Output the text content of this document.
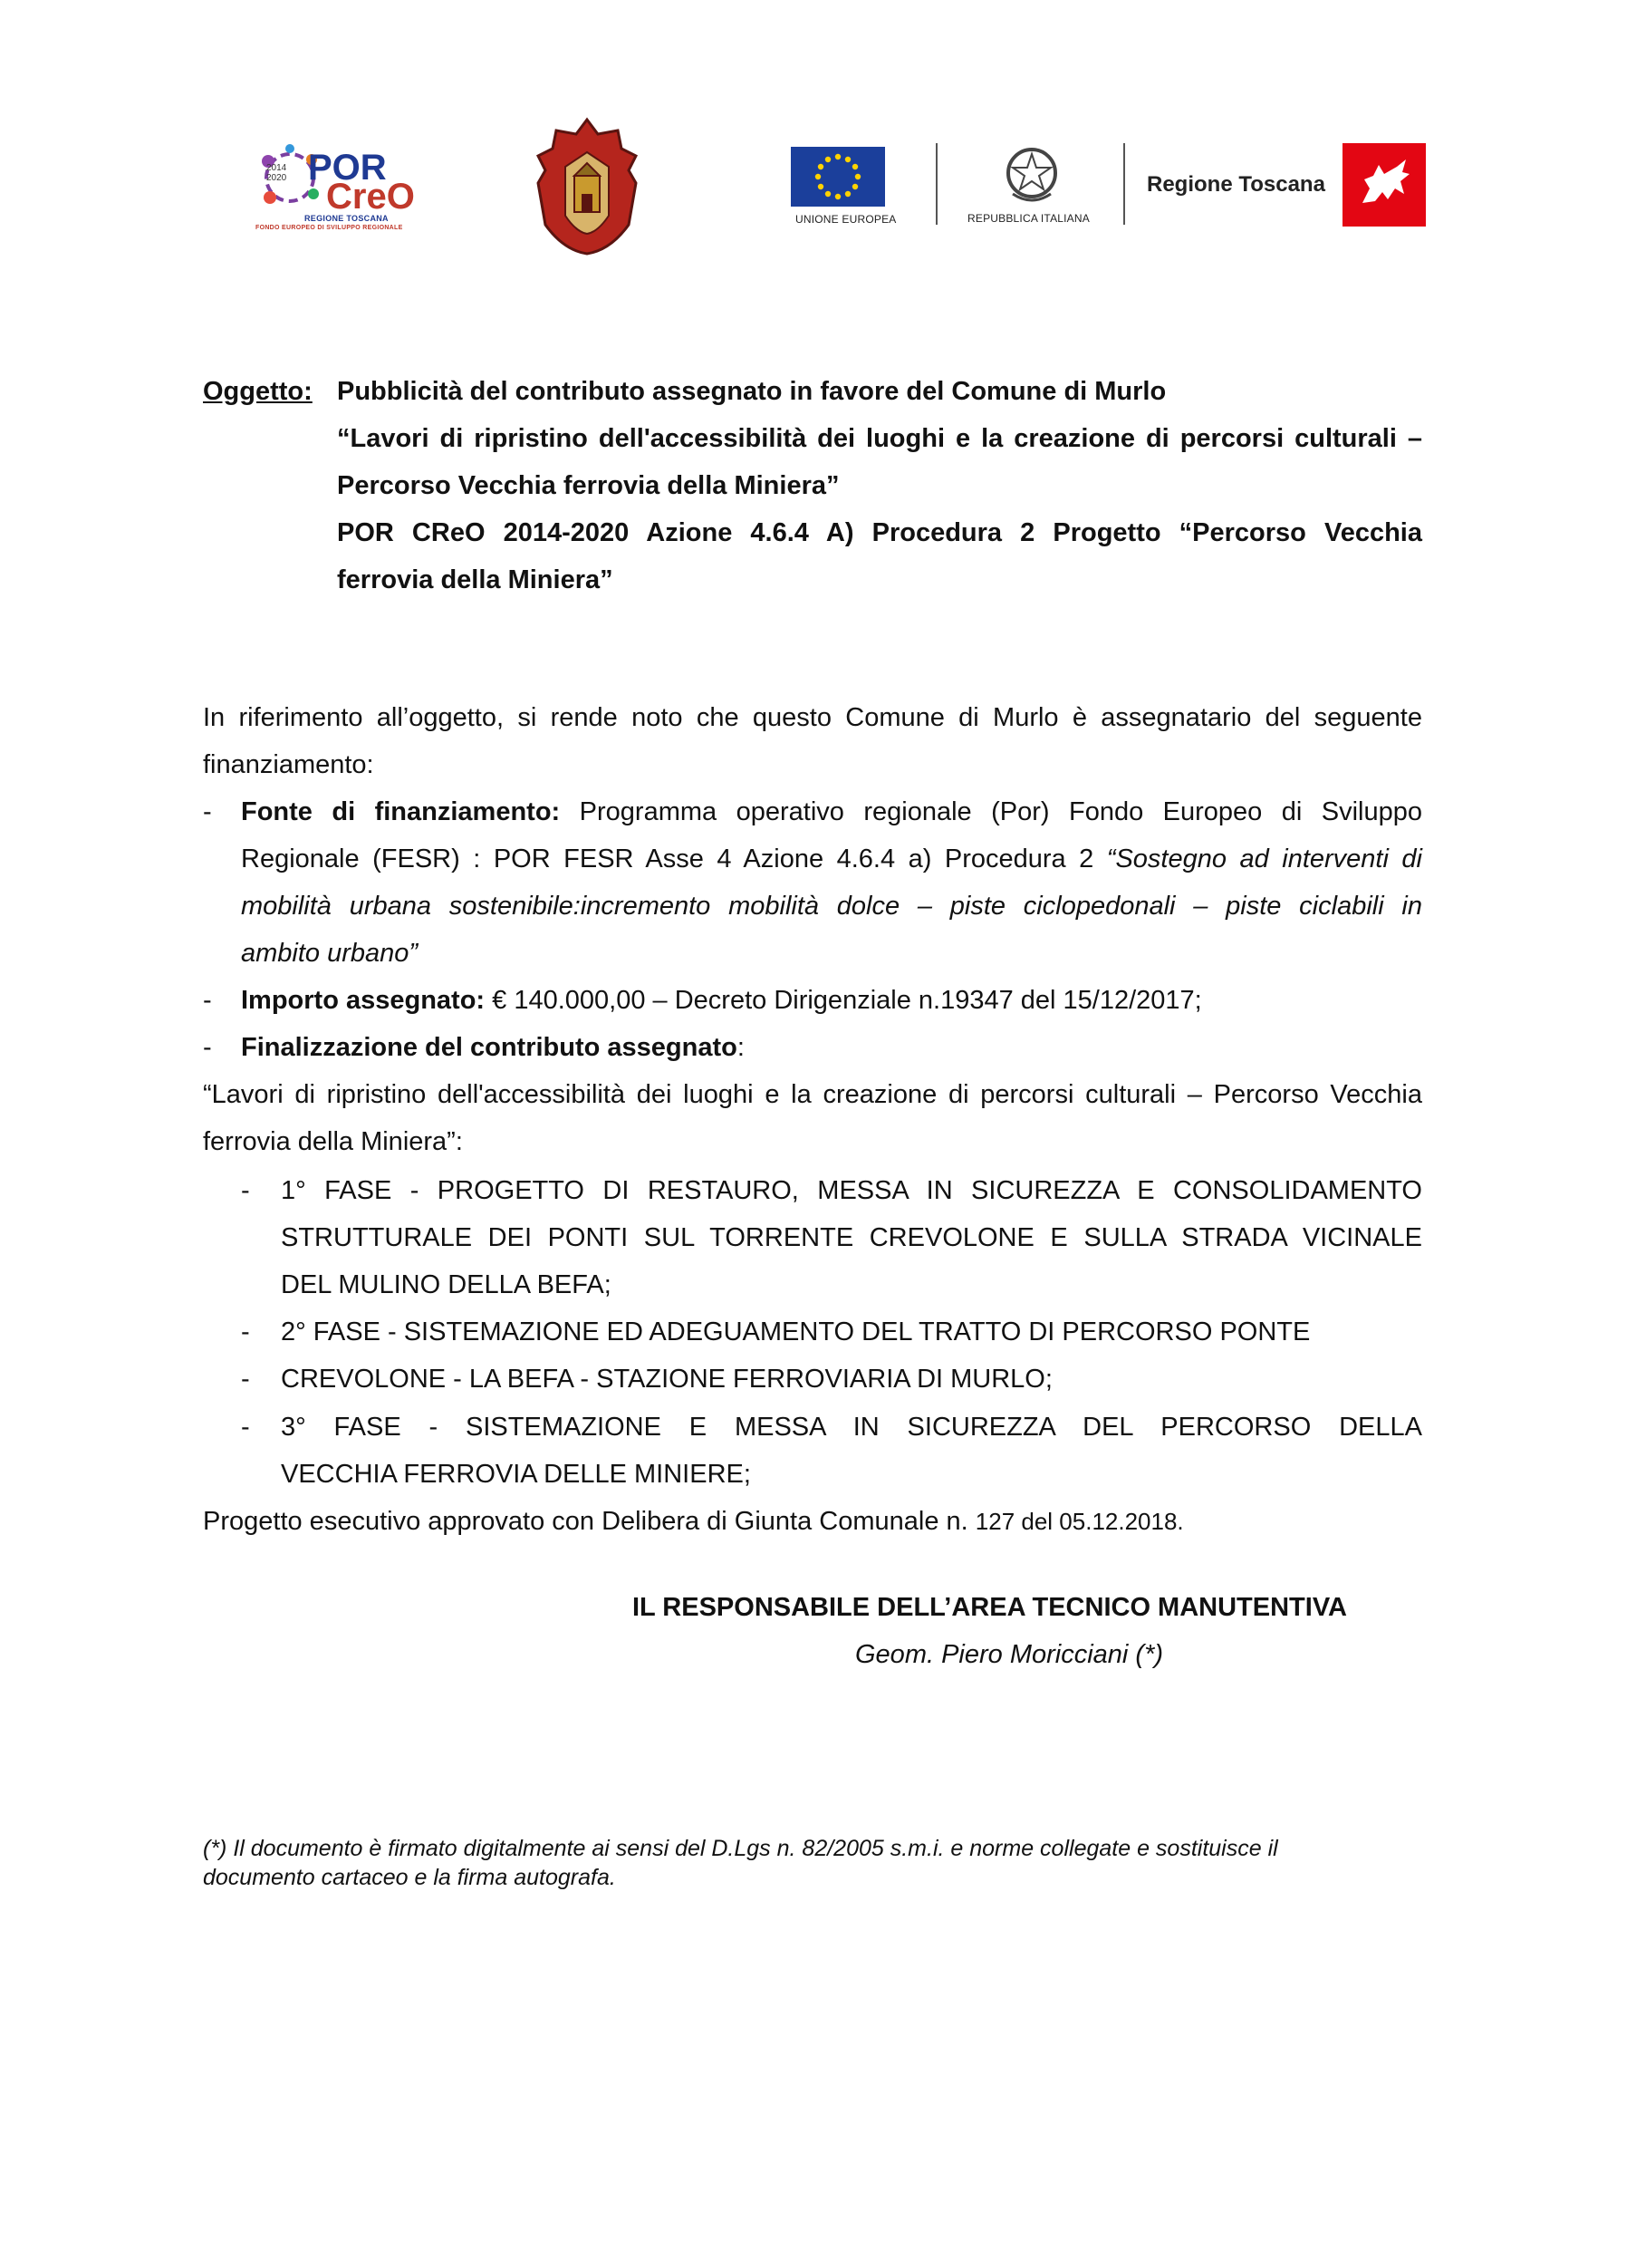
2014
2020 POR
CreO
REGIONE TOSCANA
FONDO EUROPEO DI SVILUPPO REGIONALE
UNIONE EUROPEA	REPUBBLICA ITALIANA
Regione Toscana
Oggetto: Pubblicità del contributo assegnato in favore del Comune di Murlo
“Lavori di ripristino dell'accessibilità dei luoghi e la creazione di percorsi culturali –
Percorso Vecchia ferrovia della Miniera”
POR CReO 2014-2020 Azione 4.6.4 A) Procedura 2 Progetto “Percorso Vecchia
ferrovia della Miniera”
In riferimento all’oggetto, si rende noto che questo Comune di Murlo è assegnatario del seguente
finanziamento:
- Fonte di finanziamento: Programma operativo regionale (Por) Fondo Europeo di Sviluppo
Regionale (FESR) : POR FESR Asse 4 Azione 4.6.4 a) Procedura 2 “Sostegno ad interventi di
mobilità urbana sostenibile:incremento mobilità dolce – piste ciclopedonali – piste ciclabili in
ambito urbano”
- Importo assegnato: € 140.000,00 – Decreto Dirigenziale n.19347 del 15/12/2017;
- Finalizzazione del contributo assegnato:
“Lavori di ripristino dell'accessibilità dei luoghi e la creazione di percorsi culturali – Percorso Vecchia
ferrovia della Miniera”:
- 1° FASE - PROGETTO DI RESTAURO, MESSA IN SICUREZZA E CONSOLIDAMENTO
STRUTTURALE DEI PONTI SUL TORRENTE CREVOLONE E SULLA STRADA VICINALE
DEL MULINO DELLA BEFA;
- 2° FASE - SISTEMAZIONE ED ADEGUAMENTO DEL TRATTO DI PERCORSO PONTE
- CREVOLONE - LA BEFA - STAZIONE FERROVIARIA DI MURLO;
- 3° FASE - SISTEMAZIONE E MESSA IN SICUREZZA DEL PERCORSO DELLA
VECCHIA FERROVIA DELLE MINIERE;
Progetto esecutivo approvato con Delibera di Giunta Comunale n. 127 del 05.12.2018.
IL RESPONSABILE DELL’AREA TECNICO MANUTENTIVA
Geom. Piero Moricciani (*)
(*) Il documento è firmato digitalmente ai sensi del D.Lgs n. 82/2005 s.m.i. e norme collegate e sostituisce il
documento cartaceo e la firma autografa.
